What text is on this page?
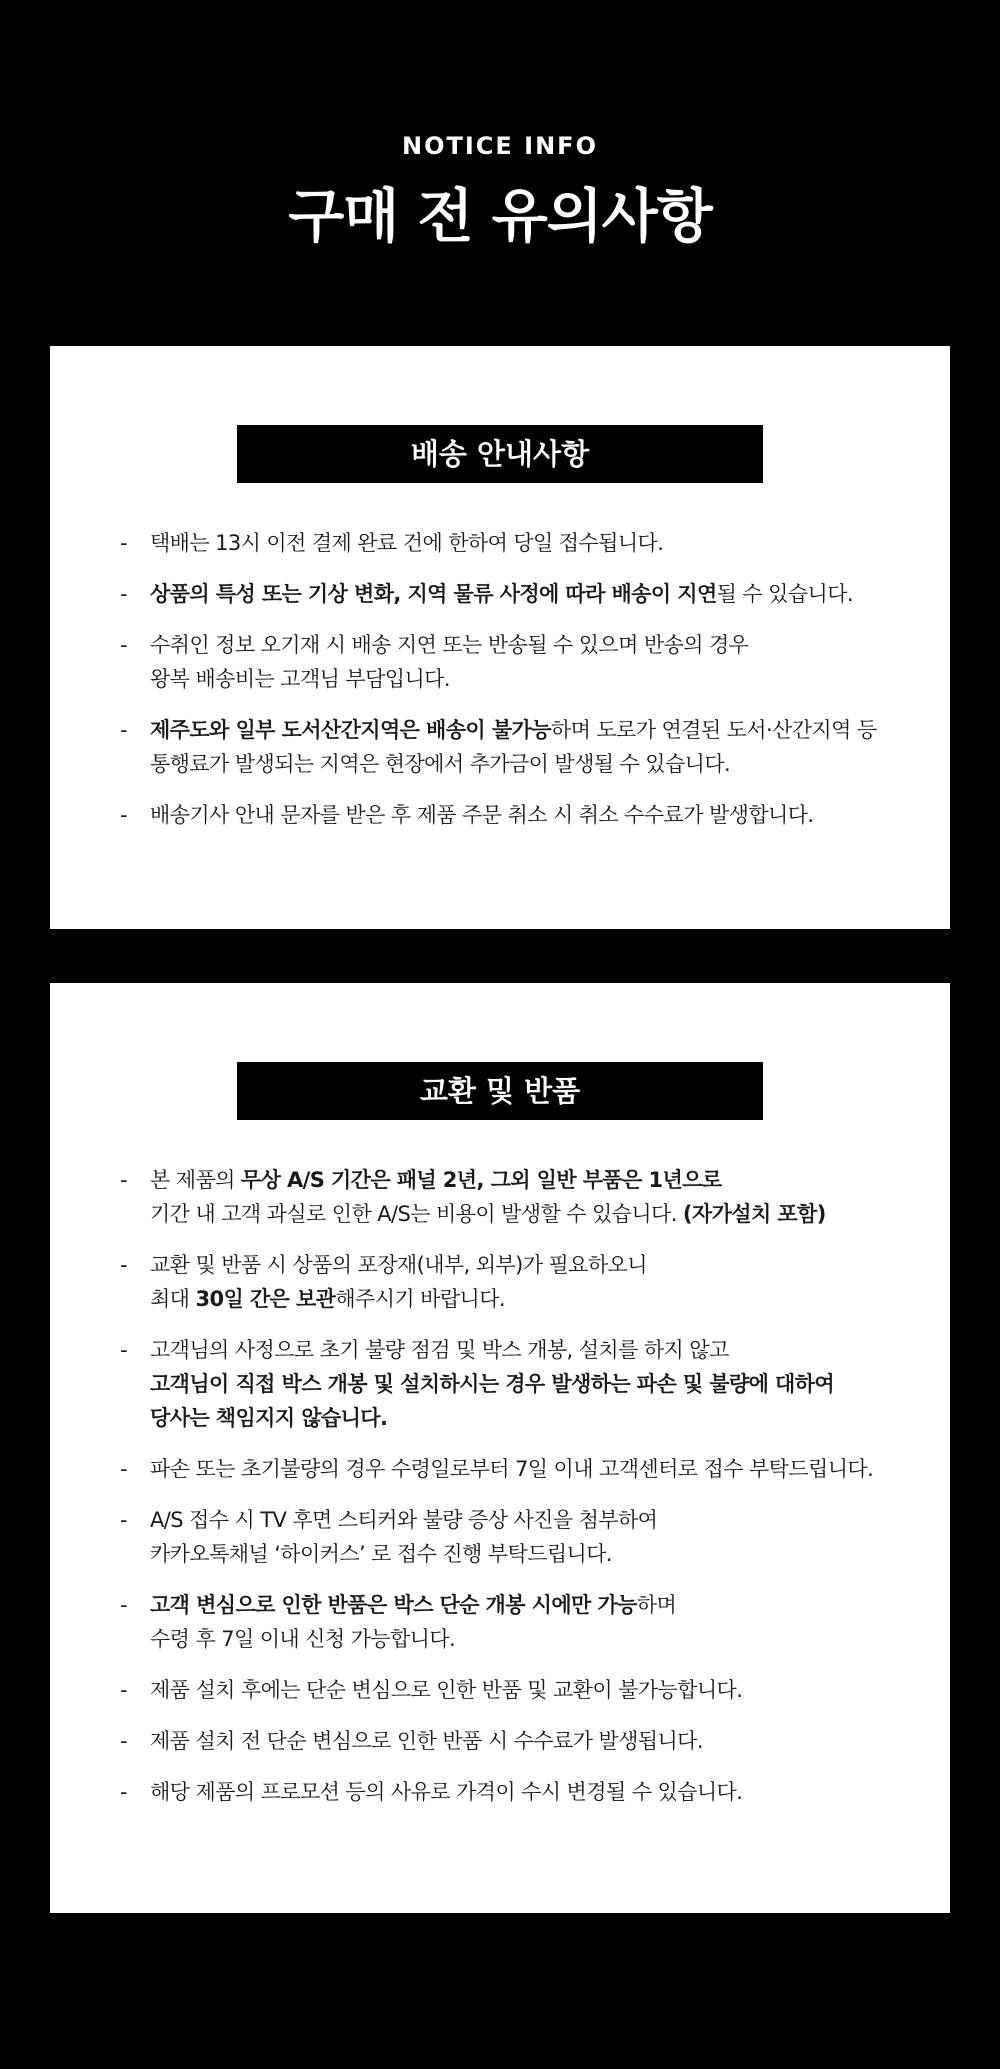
NOTICE INFO

구매 전 유의사항
배송 안내사항
-	택배는 13시 이전 결제 완료 건에 한하여 당일 접수됩니다.
-	상품의 특성 또는 기상 변화, 지역 물류 사정에 따라 배송이 지연될 수 있습니다.
-	수취인 정보 오기재 시 배송 지연 또는 반송될 수 있으며 반송의 경우
왕복 배송비는 고객님 부담입니다.
-	제주도와 일부 도서산간지역은 배송이 불가능하며 도로가 연결된 도서·산간지역 등
통행료가 발생되는 지역은 현장에서 추가금이 발생될 수 있습니다.
-	배송기사 안내 문자를 받은 후 제품 주문 취소 시 취소 수수료가 발생합니다.
교환 및 반품
-	본 제품의 무상 A/S 기간은 패널 2년, 그외 일반 부품은 1년으로
기간 내 고객 과실로 인한 A/S는 비용이 발생할 수 있습니다. (자가설치 포함)
-	교환 및 반품 시 상품의 포장재(내부, 외부)가 필요하오니
최대 30일 간은 보관해주시기 바랍니다.
-	고객님의 사정으로 초기 불량 점검 및 박스 개봉, 설치를 하지 않고
고객님이 직접 박스 개봉 및 설치하시는 경우 발생하는 파손 및 불량에 대하여
당사는 책임지지 않습니다.
-	파손 또는 초기불량의 경우 수령일로부터 7일 이내 고객센터로 접수 부탁드립니다.
-	A/S 접수 시 TV 후면 스티커와 불량 증상 사진을 첨부하여
카카오톡채널 ‘하이커스’ 로 접수 진행 부탁드립니다.
-	고객 변심으로 인한 반품은 박스 단순 개봉 시에만 가능하며
수령 후 7일 이내 신청 가능합니다.
-	제품 설치 후에는 단순 변심으로 인한 반품 및 교환이 불가능합니다.
-	제품 설치 전 단순 변심으로 인한 반품 시 수수료가 발생됩니다.
-	해당 제품의 프로모션 등의 사유로 가격이 수시 변경될 수 있습니다.
